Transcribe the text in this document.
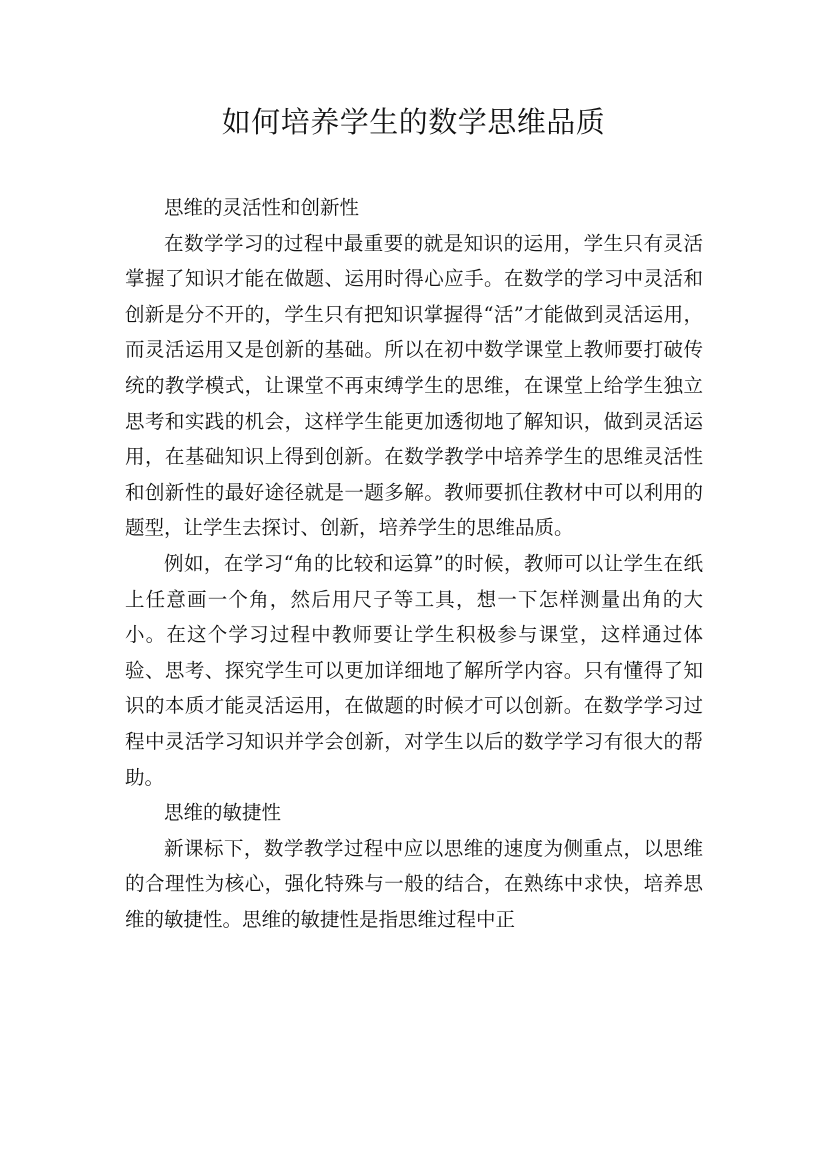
如何培养学生的数学思维品质

思维的灵活性和创新性

在数学学习的过程中最重要的就是知识的运用，学生只有灵活掌握了知识才能在做题、运用时得心应手。在数学的学习中灵活和创新是分不开的，学生只有把知识掌握得“活”才能做到灵活运用，而灵活运用又是创新的基础。所以在初中数学课堂上教师要打破传统的教学模式，让课堂不再束缚学生的思维，在课堂上给学生独立思考和实践的机会，这样学生能更加透彻地了解知识，做到灵活运用，在基础知识上得到创新。在数学教学中培养学生的思维灵活性和创新性的最好途径就是一题多解。教师要抓住教材中可以利用的题型，让学生去探讨、创新，培养学生的思维品质。

例如，在学习“角的比较和运算”的时候，教师可以让学生在纸上任意画一个角，然后用尺子等工具，想一下怎样测量出角的大小。在这个学习过程中教师要让学生积极参与课堂，这样通过体验、思考、探究学生可以更加详细地了解所学内容。只有懂得了知识的本质才能灵活运用，在做题的时候才可以创新。在数学学习过程中灵活学习知识并学会创新，对学生以后的数学学习有很大的帮助。

思维的敏捷性

新课标下，数学教学过程中应以思维的速度为侧重点，以思维的合理性为核心，强化特殊与一般的结合，在熟练中求快，培养思维的敏捷性。思维的敏捷性是指思维过程中正
